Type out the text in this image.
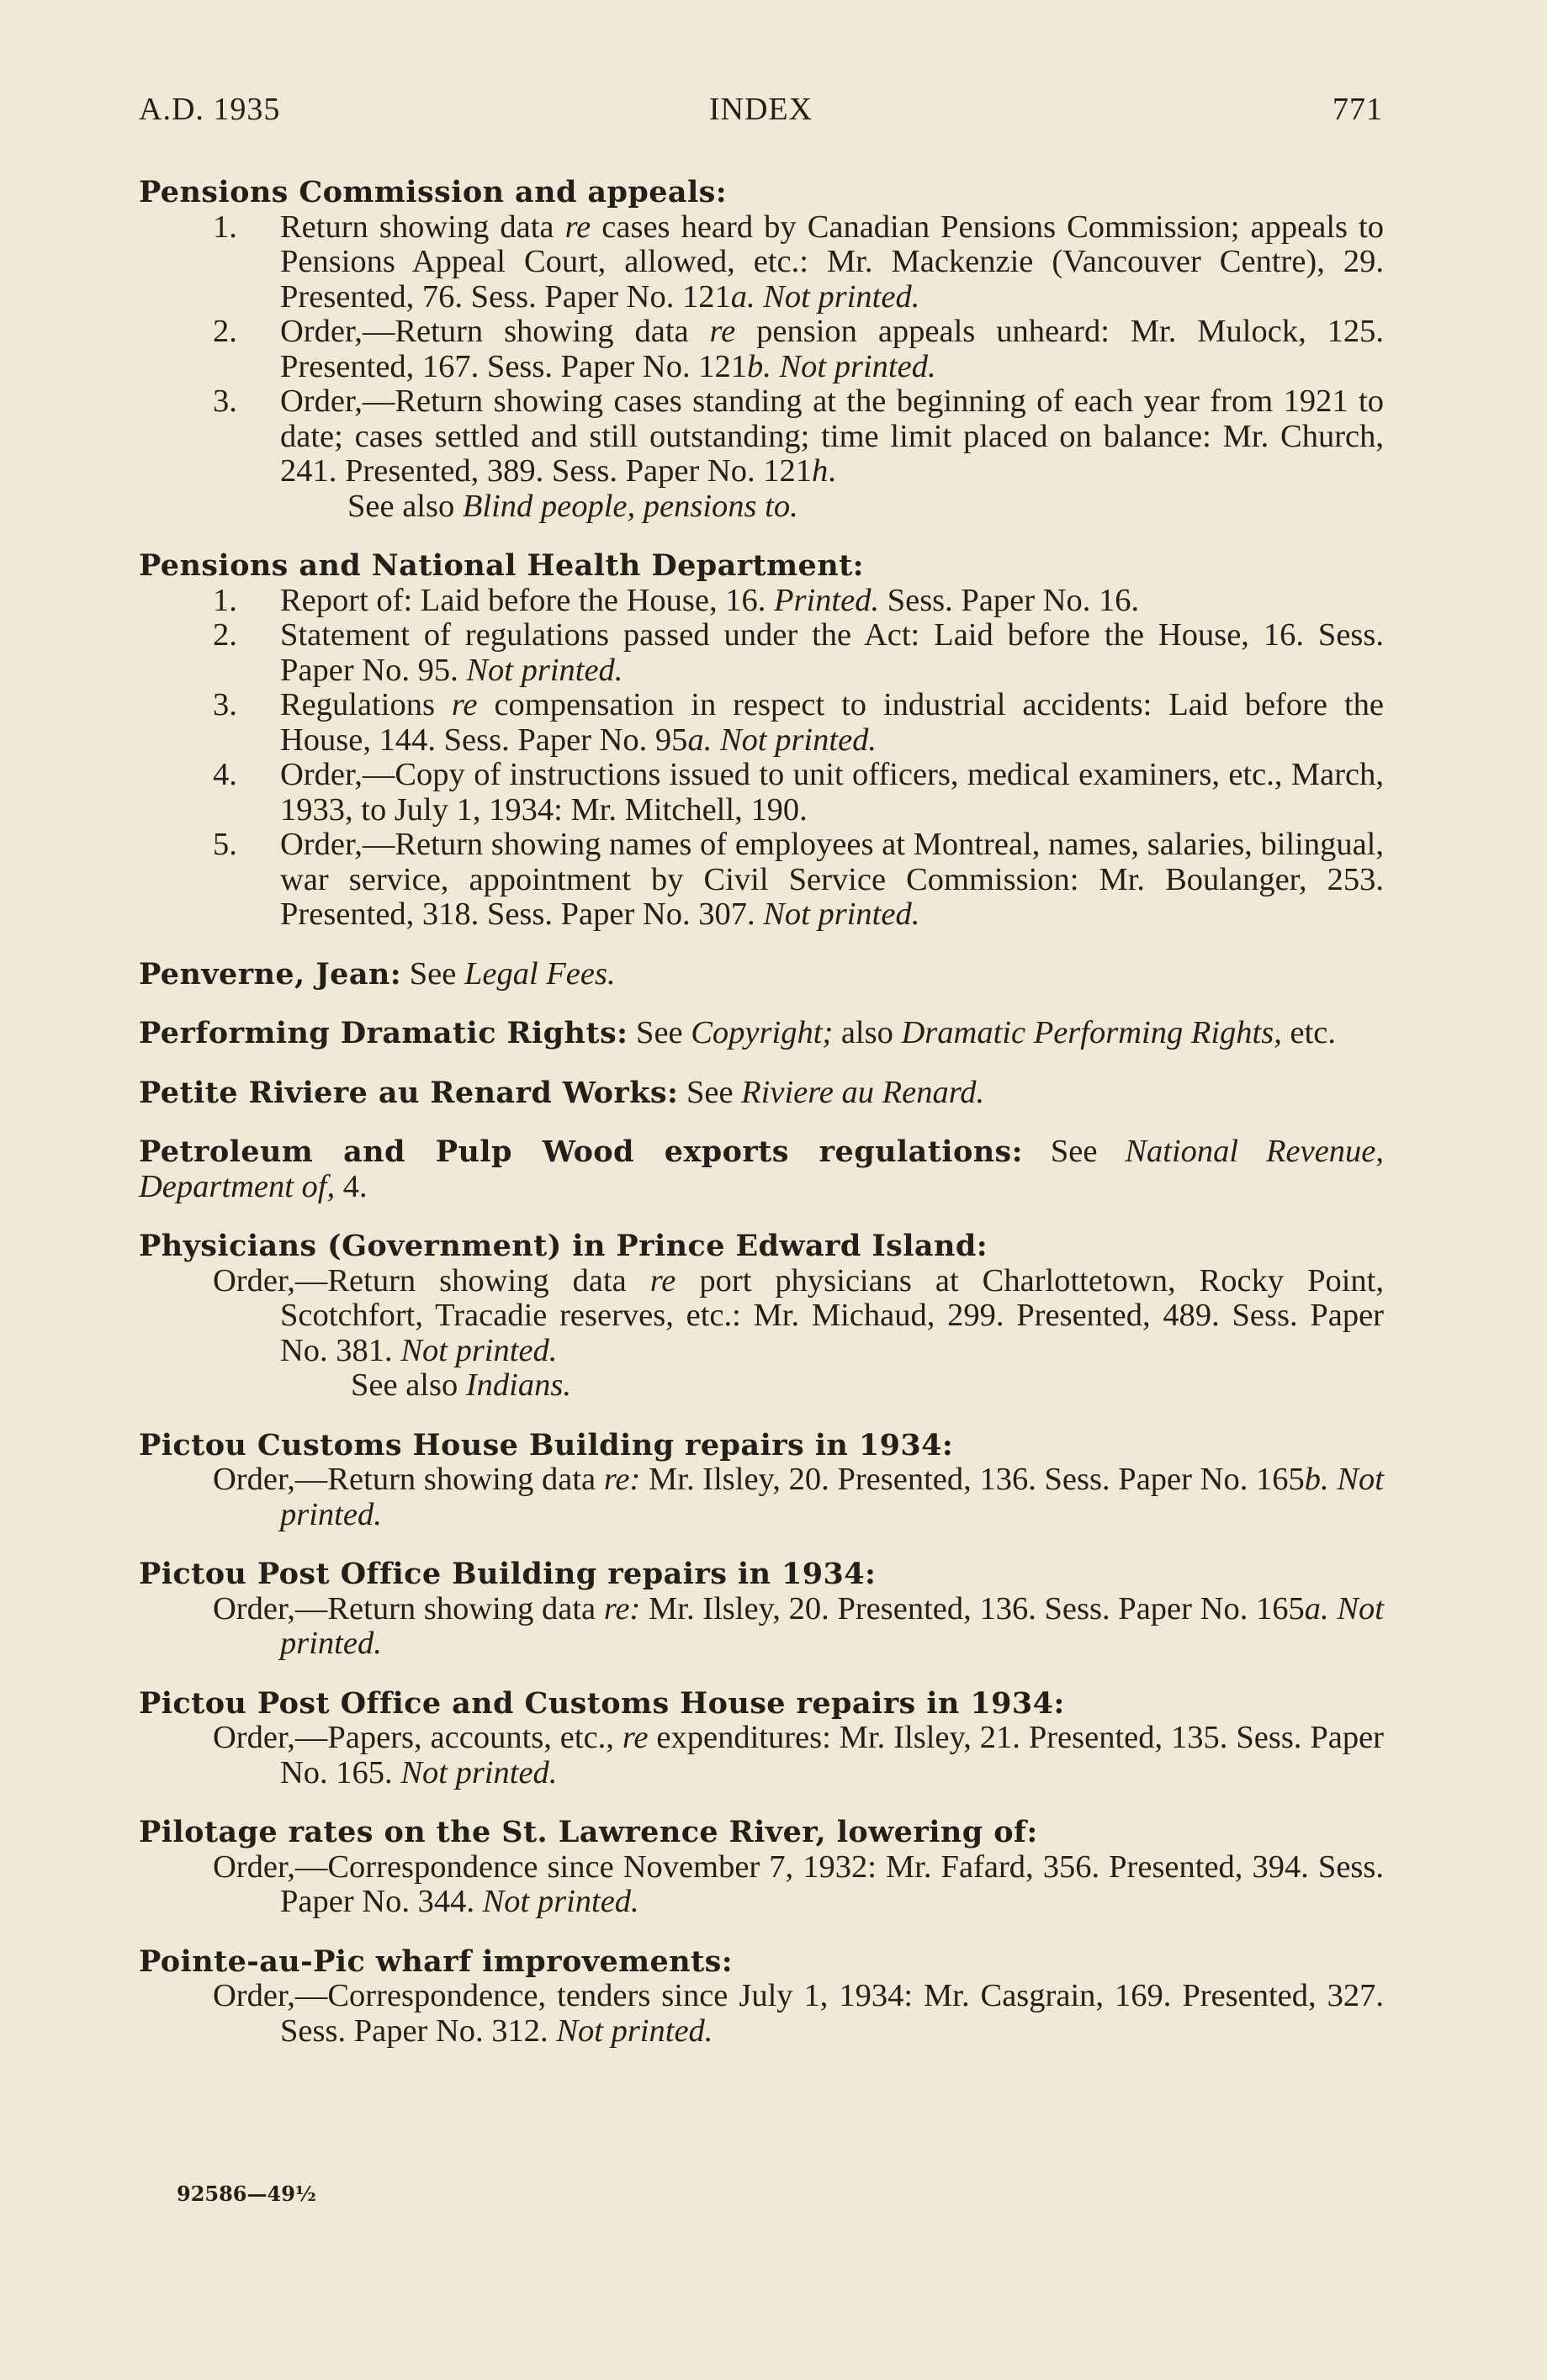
A.D. 1935	INDEX	771
Pensions Commission and appeals:
1. Return showing data re cases heard by Canadian Pensions Commission; appeals to Pensions Appeal Court, allowed, etc.: Mr. Mackenzie (Vancouver Centre), 29. Presented, 76. Sess. Paper No. 121a. Not printed.
2. Order,—Return showing data re pension appeals unheard: Mr. Mulock, 125. Presented, 167. Sess. Paper No. 121b. Not printed.
3. Order,—Return showing cases standing at the beginning of each year from 1921 to date; cases settled and still outstanding; time limit placed on balance: Mr. Church, 241. Presented, 389. Sess. Paper No. 121h.
See also Blind people, pensions to.
Pensions and National Health Department:
1. Report of: Laid before the House, 16. Printed. Sess. Paper No. 16.
2. Statement of regulations passed under the Act: Laid before the House, 16. Sess. Paper No. 95. Not printed.
3. Regulations re compensation in respect to industrial accidents: Laid before the House, 144. Sess. Paper No. 95a. Not printed.
4. Order,—Copy of instructions issued to unit officers, medical examiners, etc., March, 1933, to July 1, 1934: Mr. Mitchell, 190.
5. Order,—Return showing names of employees at Montreal, names, salaries, bilingual, war service, appointment by Civil Service Commission: Mr. Boulanger, 253. Presented, 318. Sess. Paper No. 307. Not printed.
Penverne, Jean: See Legal Fees.
Performing Dramatic Rights: See Copyright; also Dramatic Performing Rights, etc.
Petite Riviere au Renard Works: See Riviere au Renard.
Petroleum and Pulp Wood exports regulations: See National Revenue, Department of, 4.
Physicians (Government) in Prince Edward Island:
Order,—Return showing data re port physicians at Charlottetown, Rocky Point, Scotchfort, Tracadie reserves, etc.: Mr. Michaud, 299. Presented, 489. Sess. Paper No. 381. Not printed.
See also Indians.
Pictou Customs House Building repairs in 1934:
Order,—Return showing data re: Mr. Ilsley, 20. Presented, 136. Sess. Paper No. 165b. Not printed.
Pictou Post Office Building repairs in 1934:
Order,—Return showing data re: Mr. Ilsley, 20. Presented, 136. Sess. Paper No. 165a. Not printed.
Pictou Post Office and Customs House repairs in 1934:
Order,—Papers, accounts, etc., re expenditures: Mr. Ilsley, 21. Presented, 135. Sess. Paper No. 165. Not printed.
Pilotage rates on the St. Lawrence River, lowering of:
Order,—Correspondence since November 7, 1932: Mr. Fafard, 356. Presented, 394. Sess. Paper No. 344. Not printed.
Pointe-au-Pic wharf improvements:
Order,—Correspondence, tenders since July 1, 1934: Mr. Casgrain, 169. Presented, 327. Sess. Paper No. 312. Not printed.
92586—49½
